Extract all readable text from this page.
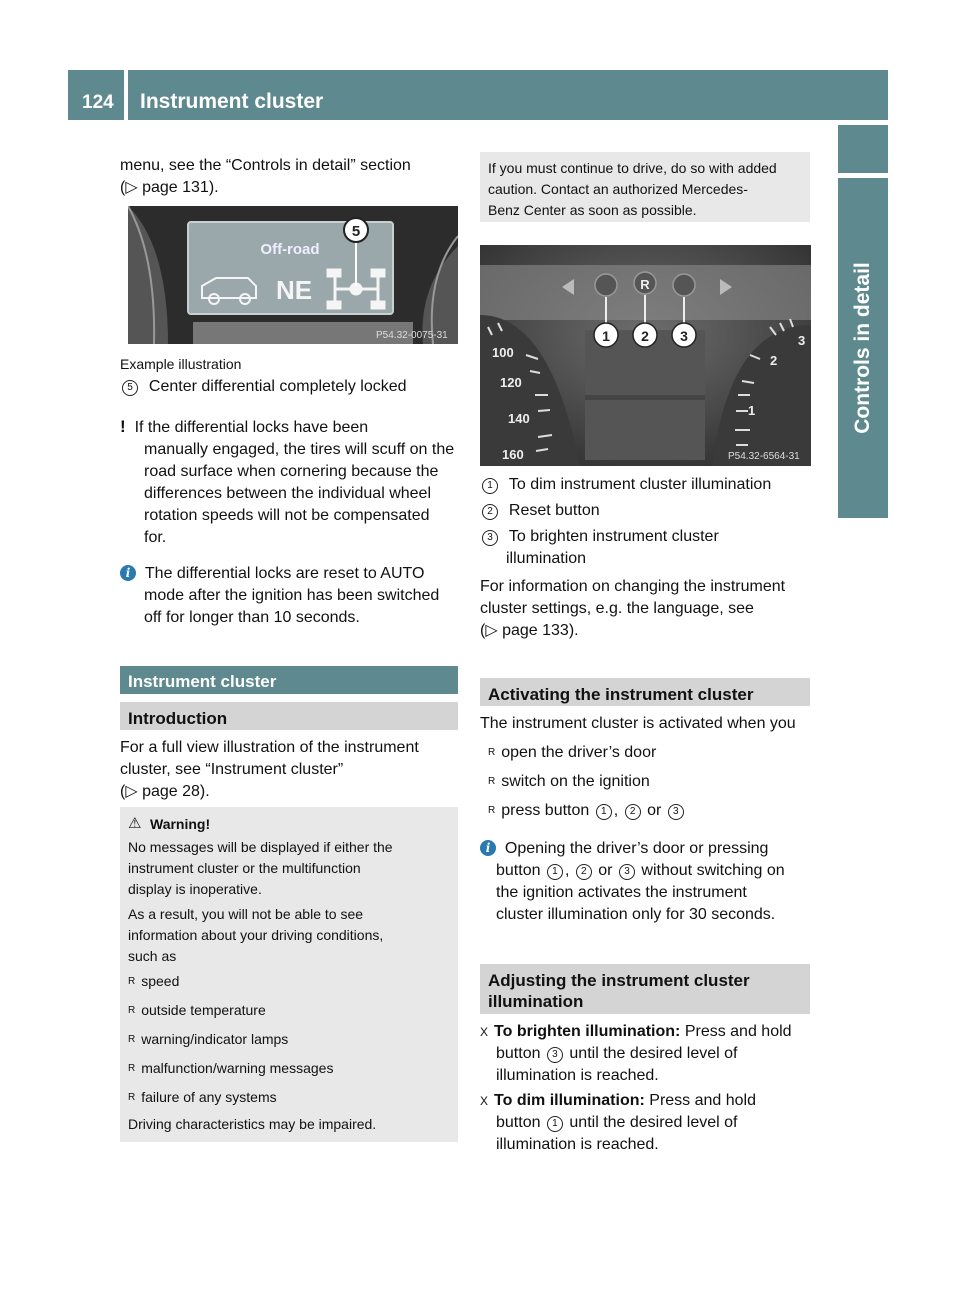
124	Instrument cluster
Controls in detail
menu, see the “Controls in detail” section
(▷ page 131).
Off-road
NE
5
P54.32-0075-31
Example illustration
5 Center differential completely locked
! If the differential locks have been
manually engaged, the tires will scuff on the
road surface when cornering because the
differences between the individual wheel
rotation speeds will not be compensated
for.
i The differential locks are reset to AUTO
mode after the ignition has been switched
off for longer than 10 seconds.
Instrument cluster
Introduction
For a full view illustration of the instrument
cluster, see “Instrument cluster”
(▷ page 28).
⚠ Warning!
No messages will be displayed if either the
instrument cluster or the multifunction
display is inoperative.
As a result, you will not be able to see
information about your driving conditions,
such as
R speed
R outside temperature
R warning/indicator lamps
R malfunction/warning messages
R failure of any systems
Driving characteristics may be impaired.
If you must continue to drive, do so with added
caution. Contact an authorized Mercedes-
Benz Center as soon as possible.
R
1 2 3
100
120
140
160
3
2
1
P54.32-6564-31
1 To dim instrument cluster illumination
2 Reset button
3 To brighten instrument cluster
illumination
For information on changing the instrument
cluster settings, e.g. the language, see
(▷ page 133).
Activating the instrument cluster
The instrument cluster is activated when you
R open the driver’s door
R switch on the ignition
R press button 1 , 2 or 3
i Opening the driver’s door or pressing
button 1 , 2 or 3 without switching on
the ignition activates the instrument
cluster illumination only for 30 seconds.
Adjusting the instrument cluster
illumination
X To brighten illumination: Press and hold
button 3 until the desired level of
illumination is reached.
X To dim illumination: Press and hold
button 1 until the desired level of
illumination is reached.
